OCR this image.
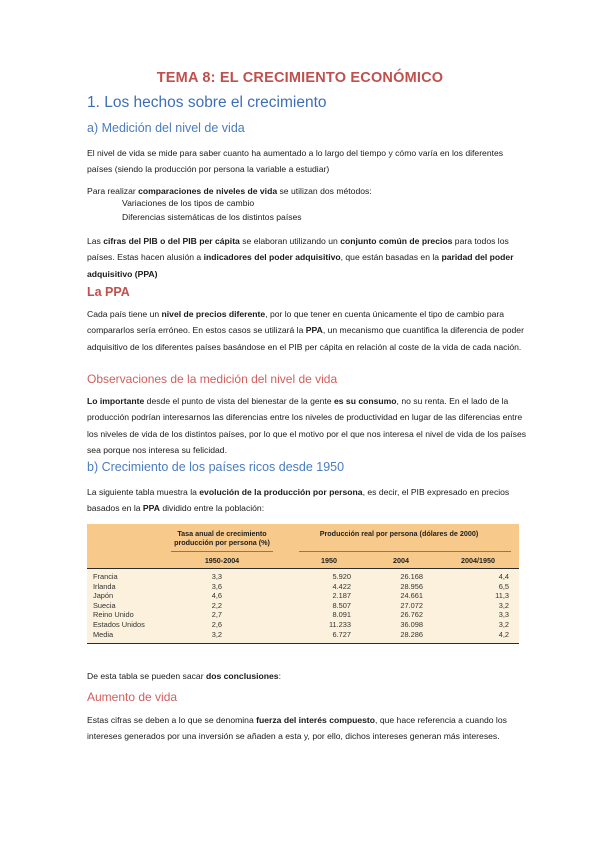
TEMA 8: EL CRECIMIENTO ECONÓMICO
1. Los hechos sobre el crecimiento
a) Medición del nivel de vida

El nivel de vida se mide para saber cuanto ha aumentado a lo largo del tiempo y cómo varía en los diferentes países (siendo la producción por persona la variable a estudiar)

Para realizar comparaciones de niveles de vida se utilizan dos métodos:

Variaciones de los tipos de cambio
Diferencias sistemáticas de los distintos países

Las cifras del PIB o del PIB per cápita se elaboran utilizando un conjunto común de precios para todos los países. Estas hacen alusión a indicadores del poder adquisitivo, que están basadas en la paridad del poder adquisitivo (PPA)

La PPA

Cada país tiene un nivel de precios diferente, por lo que tener en cuenta únicamente el tipo de cambio para compararlos sería erróneo. En estos casos se utilizará la PPA, un mecanismo que cuantifica la diferencia de poder adquisitivo de los diferentes países basándose en el PIB per cápita en relación al coste de la vida de cada nación.

Observaciones de la medición del nivel de vida

Lo importante desde el punto de vista del bienestar de la gente es su consumo, no su renta. En el lado de la producción podrían interesarnos las diferencias entre los niveles de productividad en lugar de las diferencias entre los niveles de vida de los distintos países, por lo que el motivo por el que nos interesa el nivel de vida de los países sea porque nos interesa su felicidad.

b) Crecimiento de los países ricos desde 1950

La siguiente tabla muestra la evolución de la producción por persona, es decir, el PIB expresado en precios basados en la PPA dividido entre la población:

Tasa anual de crecimiento producción por persona (%)
Producción real por persona (dólares de 2000)
1950-2004	1950	2004	2004/1950
Francia	3,3	5.920	26.168	4,4
Irlanda	3,6	4.422	28.956	6,5
Japón	4,6	2.187	24.661	11,3
Suecia	2,2	8.507	27.072	3,2
Reino Unido	2,7	8.091	26.762	3,3
Estados Unidos	2,6	11.233	36.098	3,2
Media	3,2	6.727	28.286	4,2

De esta tabla se pueden sacar dos conclusiones:

Aumento de vida

Estas cifras se deben a lo que se denomina fuerza del interés compuesto, que hace referencia a cuando los intereses generados por una inversión se añaden a esta y, por ello, dichos intereses generan más intereses.
